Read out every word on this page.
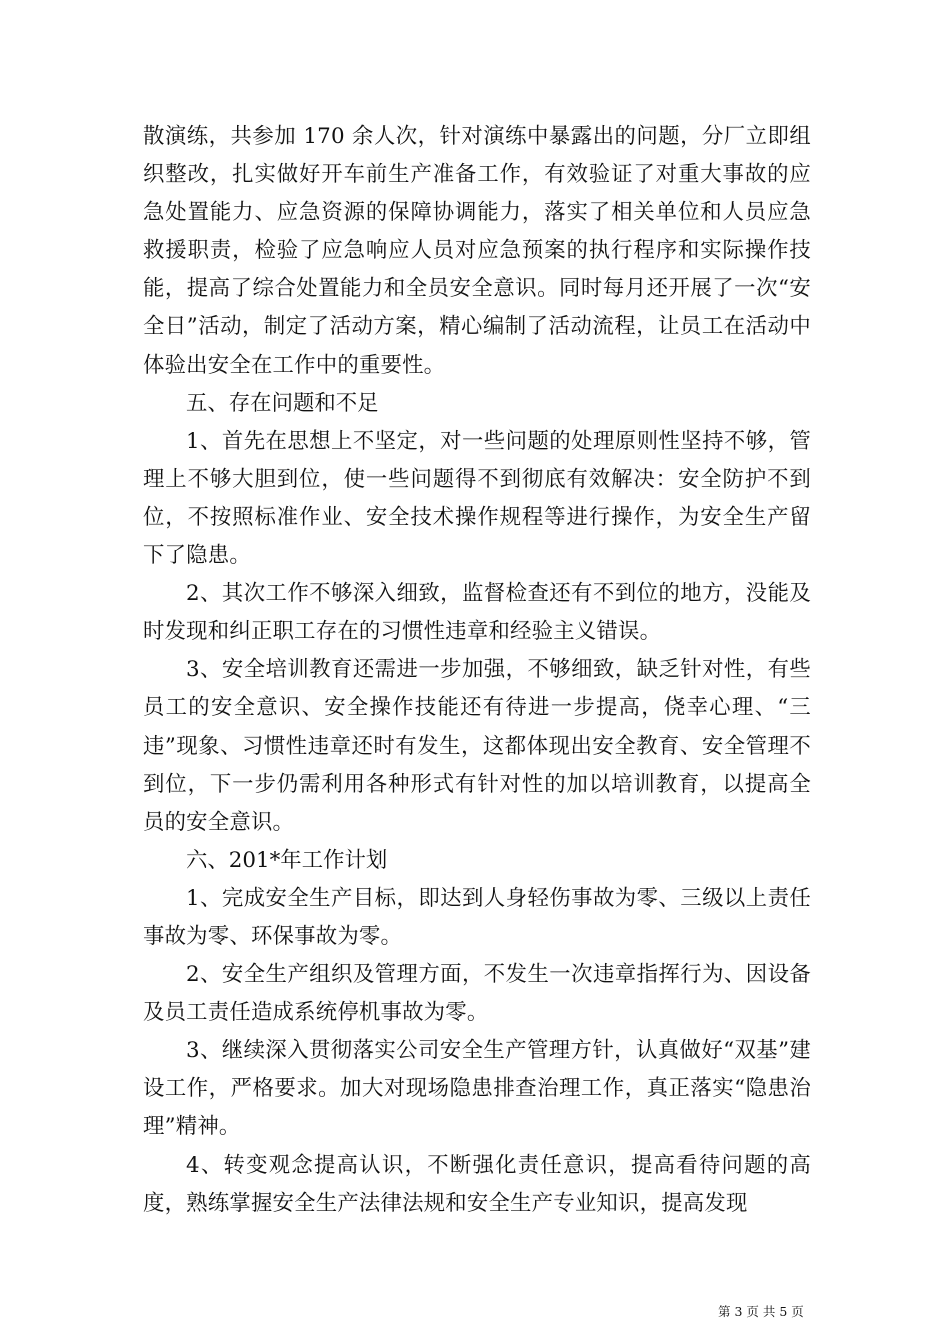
散演练，共参加 170 余人次，针对演练中暴露出的问题，分厂立即组织整改，扎实做好开车前生产准备工作，有效验证了对重大事故的应急处置能力、应急资源的保障协调能力，落实了相关单位和人员应急救援职责，检验了应急响应人员对应急预案的执行程序和实际操作技能，提高了综合处置能力和全员安全意识。同时每月还开展了一次“安全日”活动，制定了活动方案，精心编制了活动流程，让员工在活动中体验出安全在工作中的重要性。

五、存在问题和不足

1、首先在思想上不坚定，对一些问题的处理原则性坚持不够，管理上不够大胆到位，使一些问题得不到彻底有效解决：安全防护不到位，不按照标准作业、安全技术操作规程等进行操作，为安全生产留下了隐患。

2、其次工作不够深入细致，监督检查还有不到位的地方，没能及时发现和纠正职工存在的习惯性违章和经验主义错误。

3、安全培训教育还需进一步加强，不够细致，缺乏针对性，有些员工的安全意识、安全操作技能还有待进一步提高，侥幸心理、“三违”现象、习惯性违章还时有发生，这都体现出安全教育、安全管理不到位，下一步仍需利用各种形式有针对性的加以培训教育，以提高全员的安全意识。

六、201*年工作计划

1、完成安全生产目标，即达到人身轻伤事故为零、三级以上责任事故为零、环保事故为零。

2、安全生产组织及管理方面，不发生一次违章指挥行为、因设备及员工责任造成系统停机事故为零。

3、继续深入贯彻落实公司安全生产管理方针，认真做好“双基”建设工作，严格要求。加大对现场隐患排查治理工作，真正落实“隐患治理”精神。

4、转变观念提高认识，不断强化责任意识，提高看待问题的高度，熟练掌握安全生产法律法规和安全生产专业知识，提高发现

第 3 页 共 5 页
